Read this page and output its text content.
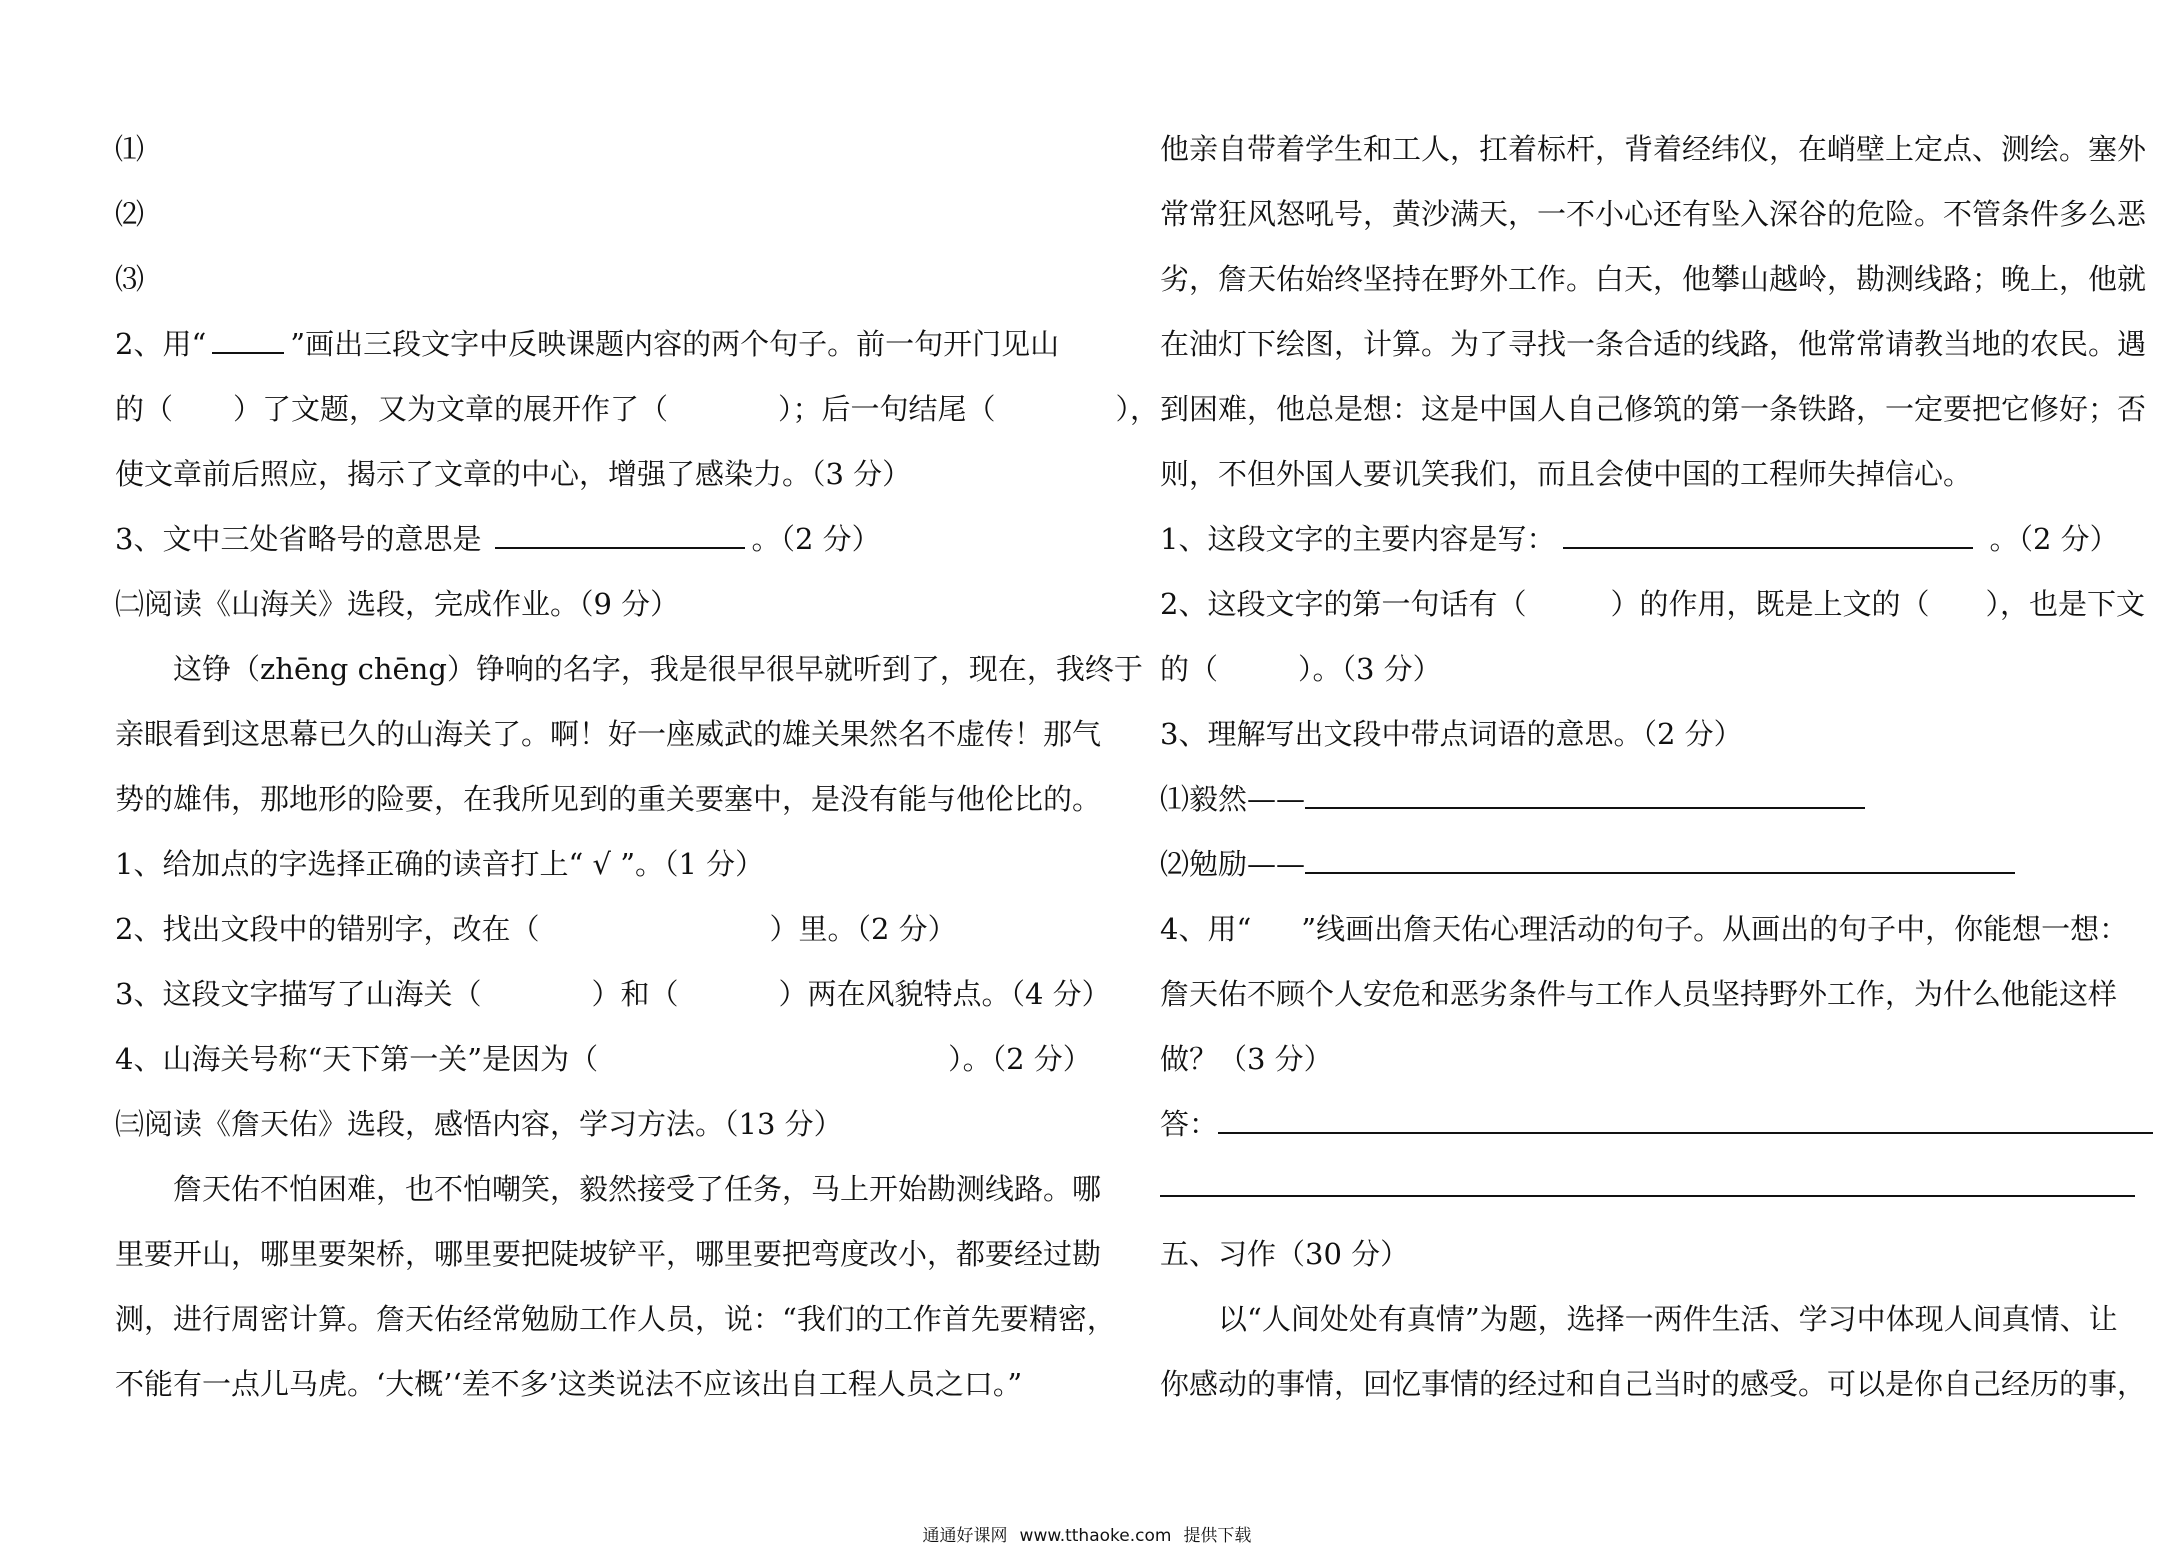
⑴
⑵
⑶
2、用“	”画出三段文字中反映课题内容的两个句子。前一句开门见山
的（ ）了文题，又为文章的展开作了（	）；后一句结尾（	），
使文章前后照应，揭示了文章的中心，增强了感染力。（3 分）
3、文中三处省略号的意思是	。（2 分）
㈡阅读《山海关》选段，完成作业。（9 分）
这铮（zhēng chēng）铮响的名字，我是很早很早就听到了，现在，我终于
亲眼看到这思幕已久的山海关了。啊！好一座威武的雄关果然名不虚传！那气
势的雄伟，那地形的险要，在我所见到的重关要塞中，是没有能与他伦比的。
1、给加点的字选择正确的读音打上“ √ ”。（1 分）
2、找出文段中的错别字，改在（	）里。（2 分）
3、这段文字描写了山海关（	）和（	）两在风貌特点。（4 分）
4、山海关号称“天下第一关”是因为（	）。（2 分）
㈢阅读《詹天佑》选段，感悟内容，学习方法。（13 分）
詹天佑不怕困难，也不怕嘲笑，毅然接受了任务，马上开始勘测线路。哪
里要开山，哪里要架桥，哪里要把陡坡铲平，哪里要把弯度改小，都要经过勘
测，进行周密计算。詹天佑经常勉励工作人员，说：“我们的工作首先要精密，
不能有一点儿马虎。‘大概’‘差不多’这类说法不应该出自工程人员之口。”
他亲自带着学生和工人，扛着标杆，背着经纬仪，在峭壁上定点、测绘。塞外
常常狂风怒吼号，黄沙满天，一不小心还有坠入深谷的危险。不管条件多么恶
劣，詹天佑始终坚持在野外工作。白天，他攀山越岭，勘测线路；晚上，他就
在油灯下绘图，计算。为了寻找一条合适的线路，他常常请教当地的农民。遇
到困难，他总是想：这是中国人自己修筑的第一条铁路，一定要把它修好；否
则，不但外国人要讥笑我们，而且会使中国的工程师失掉信心。
1、这段文字的主要内容是写：	。（2 分）
2、这段文字的第一句话有（	）的作用，既是上文的（ ），也是下文
的（	）。（3 分）
3、理解写出文段中带点词语的意思。（2 分）
⑴毅然——
⑵勉励——
4、用“ ”线画出詹天佑心理活动的句子。从画出的句子中，你能想一想：
詹天佑不顾个人安危和恶劣条件与工作人员坚持野外工作，为什么他能这样
做？（3 分）
答：
五、习作（30 分）
以“人间处处有真情”为题，选择一两件生活、学习中体现人间真情、让
你感动的事情，回忆事情的经过和自己当时的感受。可以是你自己经历的事，
通通好课网 www.tthaoke.com 提供下载
